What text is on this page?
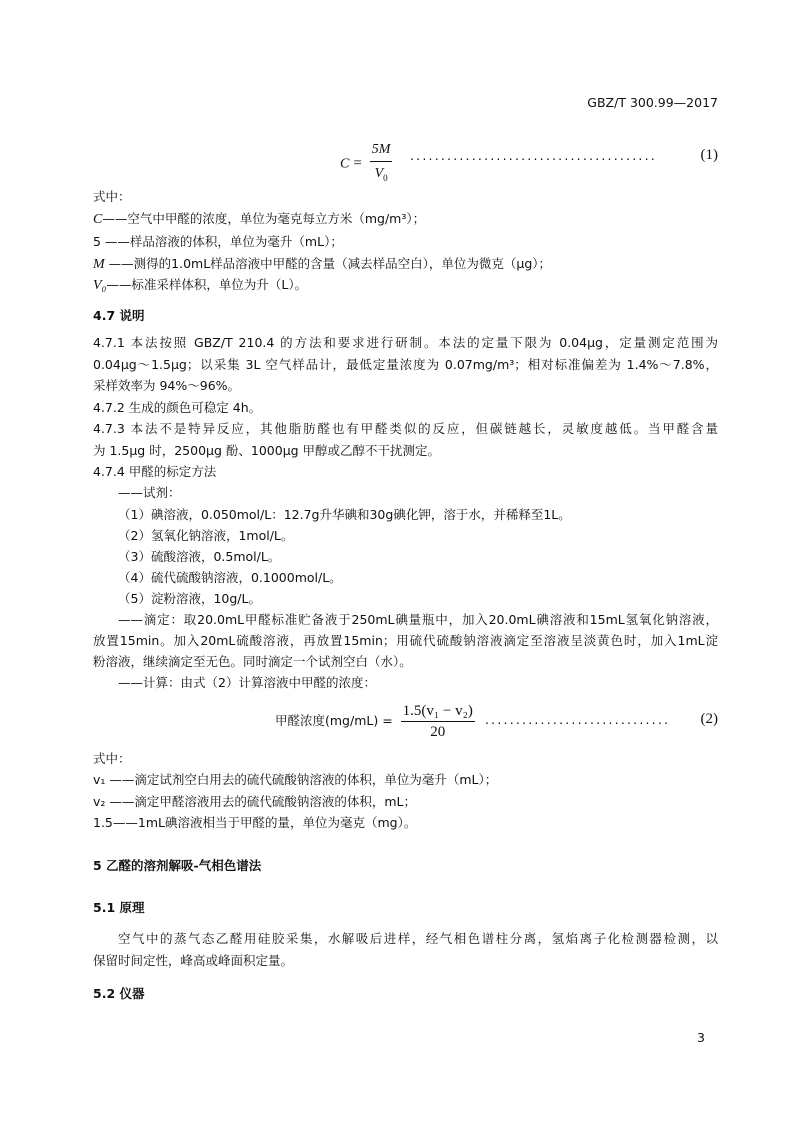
GBZ/T 300.99—2017
$C = \frac{5M}{V_0}$ ........................................	(1)
式中：
C——空气中甲醛的浓度，单位为毫克每立方米（mg/m³）；
5 ——样品溶液的体积，单位为毫升（mL）；
M ——测得的1.0mL样品溶液中甲醛的含量（减去样品空白），单位为微克（μg）；
V₀——标准采样体积，单位为升（L）。
4.7 说明
4.7.1 本法按照 GBZ/T 210.4 的方法和要求进行研制。本法的定量下限为 0.04μg，定量测定范围为
0.04μg～1.5μg；以采集 3L 空气样品计，最低定量浓度为 0.07mg/m³；相对标准偏差为 1.4%～7.8%，
采样效率为 94%～96%。
4.7.2 生成的颜色可稳定 4h。
4.7.3 本法不是特异反应，其他脂肪醛也有甲醛类似的反应，但碳链越长，灵敏度越低。当甲醛含量
为 1.5μg 时，2500μg 酚、1000μg 甲醇或乙醇不干扰测定。
4.7.4 甲醛的标定方法
——试剂：
（1）碘溶液，0.050mol/L：12.7g升华碘和30g碘化钾，溶于水，并稀释至1L。
（2）氢氧化钠溶液，1mol/L。
（3）硫酸溶液，0.5mol/L。
（4）硫代硫酸钠溶液，0.1000mol/L。
（5）淀粉溶液，10g/L。
——滴定：取20.0mL甲醛标准贮备液于250mL碘量瓶中，加入20.0mL碘溶液和15mL氢氧化钠溶液，
放置15min。加入20mL硫酸溶液，再放置15min；用硫代硫酸钠溶液滴定至溶液呈淡黄色时，加入1mL淀
粉溶液，继续滴定至无色。同时滴定一个试剂空白（水）。
——计算：由式（2）计算溶液中甲醛的浓度：
甲醛浓度$(mg/mL) = \frac{\text{1.5(v₁ − v₂)}}{20}$ .............................. (2)
式中：
v₁ ——滴定试剂空白用去的硫代硫酸钠溶液的体积，单位为毫升（mL）；
v₂ ——滴定甲醛溶液用去的硫代硫酸钠溶液的体积，mL；
1.5——1mL碘溶液相当于甲醛的量，单位为毫克（mg）。
5 乙醛的溶剂解吸-气相色谱法
5.1 原理
空气中的蒸气态乙醛用硅胶采集，水解吸后进样，经气相色谱柱分离，氢焰离子化检测器检测，以
保留时间定性，峰高或峰面积定量。
5.2 仪器
3
